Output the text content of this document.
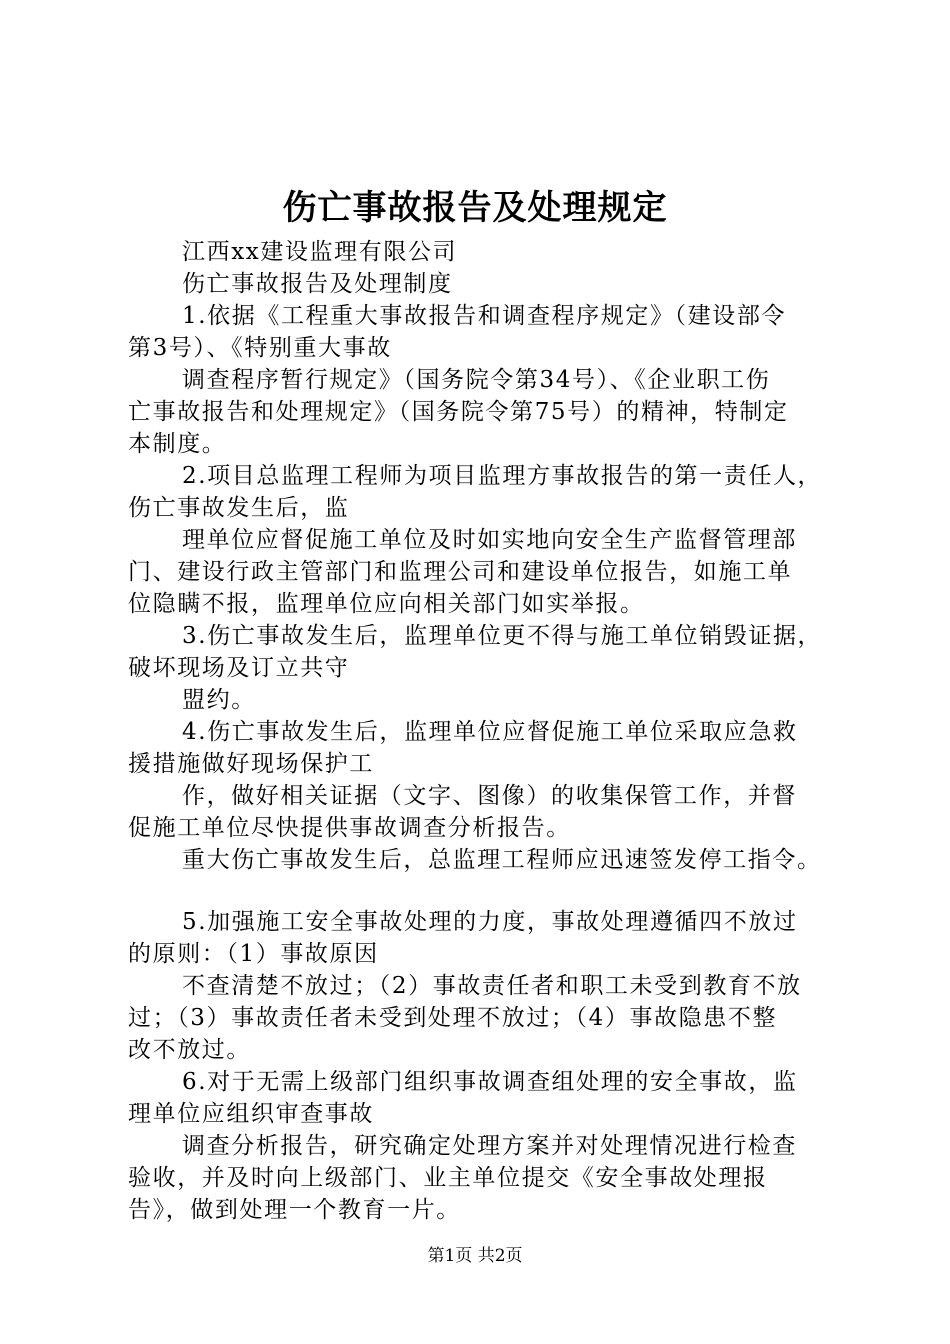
伤亡事故报告及处理规定
江西xx建设监理有限公司
伤亡事故报告及处理制度
1.依据《工程重大事故报告和调查程序规定》（建设部令
第3号）、《特别重大事故
调查程序暂行规定》（国务院令第34号）、《企业职工伤
亡事故报告和处理规定》（国务院令第75号）的精神，特制定
本制度。
2.项目总监理工程师为项目监理方事故报告的第一责任人，
伤亡事故发生后，监
理单位应督促施工单位及时如实地向安全生产监督管理部
门、建设行政主管部门和监理公司和建设单位报告，如施工单
位隐瞒不报，监理单位应向相关部门如实举报。
3.伤亡事故发生后，监理单位更不得与施工单位销毁证据，
破坏现场及订立共守
盟约。
4.伤亡事故发生后，监理单位应督促施工单位采取应急救
援措施做好现场保护工
作，做好相关证据（文字、图像）的收集保管工作，并督
促施工单位尽快提供事故调查分析报告。
重大伤亡事故发生后，总监理工程师应迅速签发停工指令。
5.加强施工安全事故处理的力度，事故处理遵循四不放过
的原则：（1）事故原因
不查清楚不放过；（2）事故责任者和职工未受到教育不放
过；（3）事故责任者未受到处理不放过；（4）事故隐患不整
改不放过。
6.对于无需上级部门组织事故调查组处理的安全事故，监
理单位应组织审查事故
调查分析报告，研究确定处理方案并对处理情况进行检查
验收，并及时向上级部门、业主单位提交《安全事故处理报
告》，做到处理一个教育一片。
第1页 共2页
